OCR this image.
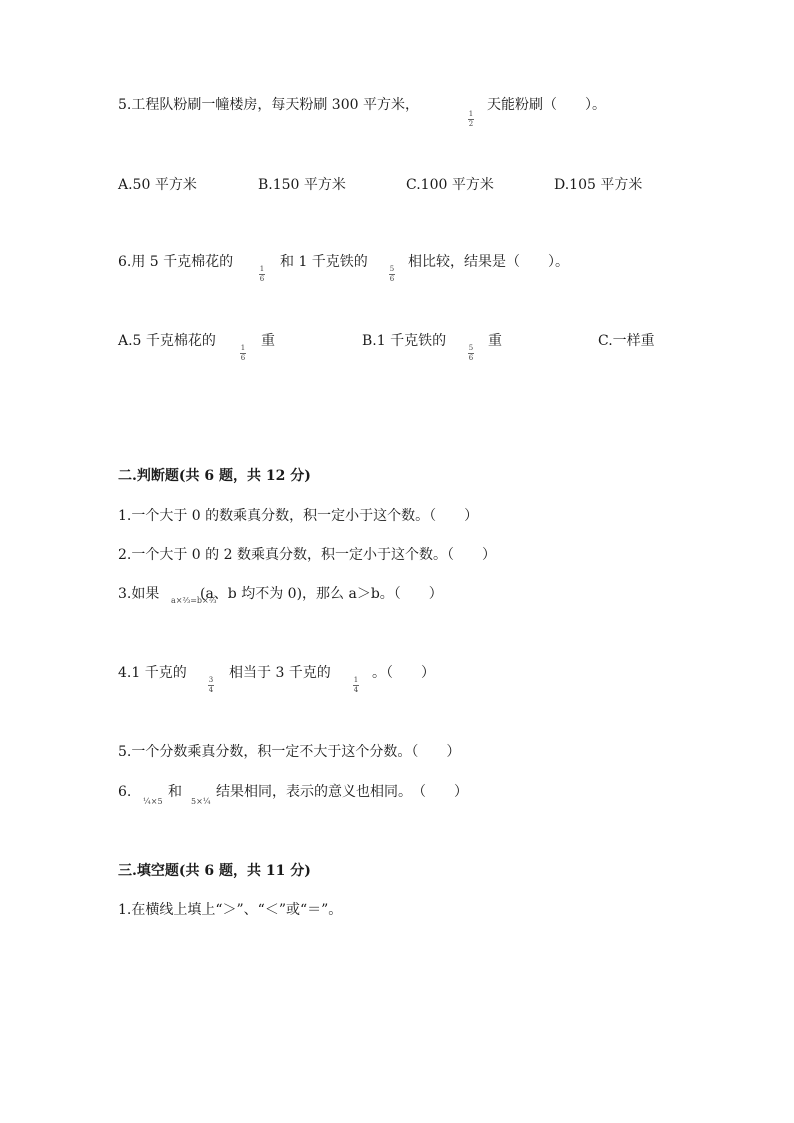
5.工程队粉刷一幢楼房，每天粉刷 300 平方米，
1
2
天能粉刷（　　）。
A.50 平方米	B.150 平方米	C.100 平方米	D.105 平方米
6.用 5 千克棉花的	1
6
和 1 千克铁的	5
6
相比较，结果是（　　）。
A.5 千克棉花的	1
6
重	B.1 千克铁的	5
6
重	C.一样重
二.判断题(共 6 题，共 12 分)
1.一个大于 0 的数乘真分数，积一定小于这个数。（　　）
2.一个大于 0 的 2 数乘真分数，积一定小于这个数。（　　）
3.如果 a×⅔=b×⅔
(a、b 均不为 0)，那么 a＞b。（　　）
4.1 千克的	3
4
相当于 3 千克的	1
4
。（　　）
5.一个分数乘真分数，积一定不大于这个分数。（　　）
6.
¼×5
和
5×¼
结果相同，表示的意义也相同。　（　　）
三.填空题(共 6 题，共 11 分)
1.在横线上填上“＞”、“＜”或“＝”。
